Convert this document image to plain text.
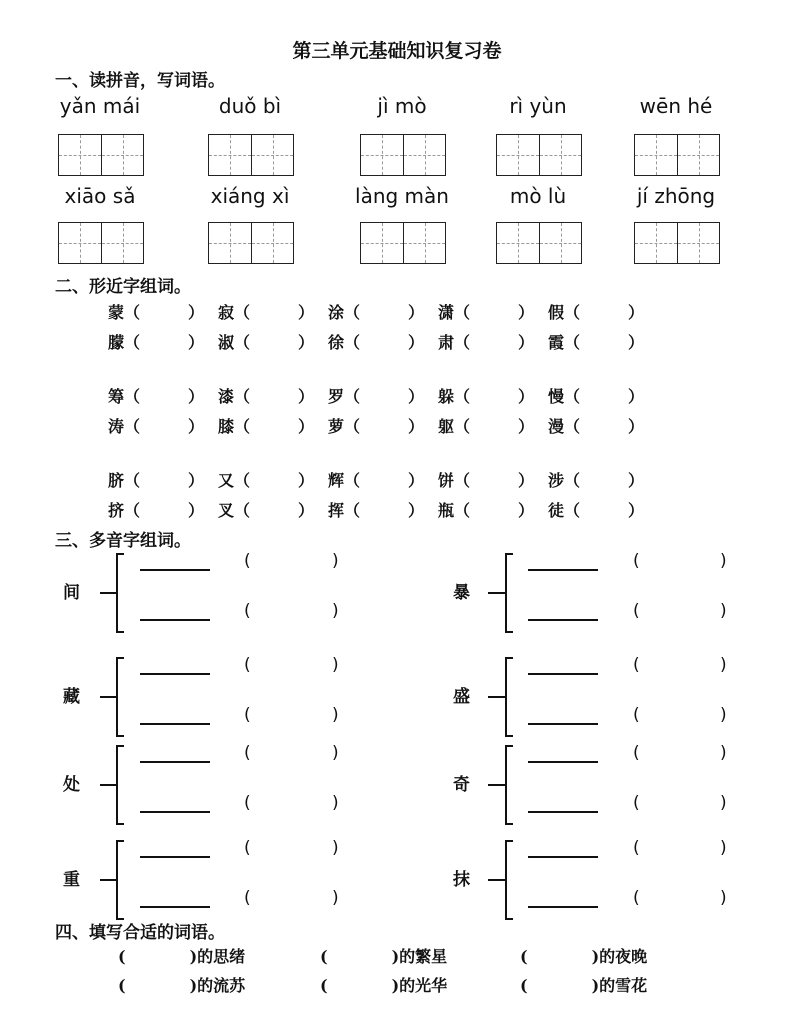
第三单元基础知识复习卷
一、读拼音，写词语。
yǎn mái	duǒ bì	jì mò	rì yùn	wēn hé
xiāo sǎ	xiáng xì	làng màn	mò lù	jí zhōng
二、形近字组词。
蒙（　　　） 寂（　　　） 涂（　　　） 潇（　　　） 假（　　　）
朦（　　　） 淑（　　　） 徐（　　　） 肃（　　　） 霞（　　　）
筹（　　　） 漆（　　　） 罗（　　　） 躲（　　　） 慢（　　　）
涛（　　　） 膝（　　　） 萝（　　　） 躯（　　　） 漫（　　　）
脐（　　　） 又（　　　） 辉（　　　） 饼（　　　） 涉（　　　）
挤（　　　） 叉（　　　） 挥（　　　） 瓶（　　　） 徒（　　　）
三、多音字组词。
间
(	)
(	)
暴
(	)
(	)
藏
(	)
(	)
盛
(	)
(	)
处
(	)
(	)
奇
(	)
(	)
重
(	)
(	)
抹
(	)
(	)
四、填写合适的词语。
(　　　　)的思绪	(　　　　)的繁星	(　　　　)的夜晚
(　　　　)的流苏	(　　　　)的光华	(　　　　)的雪花
